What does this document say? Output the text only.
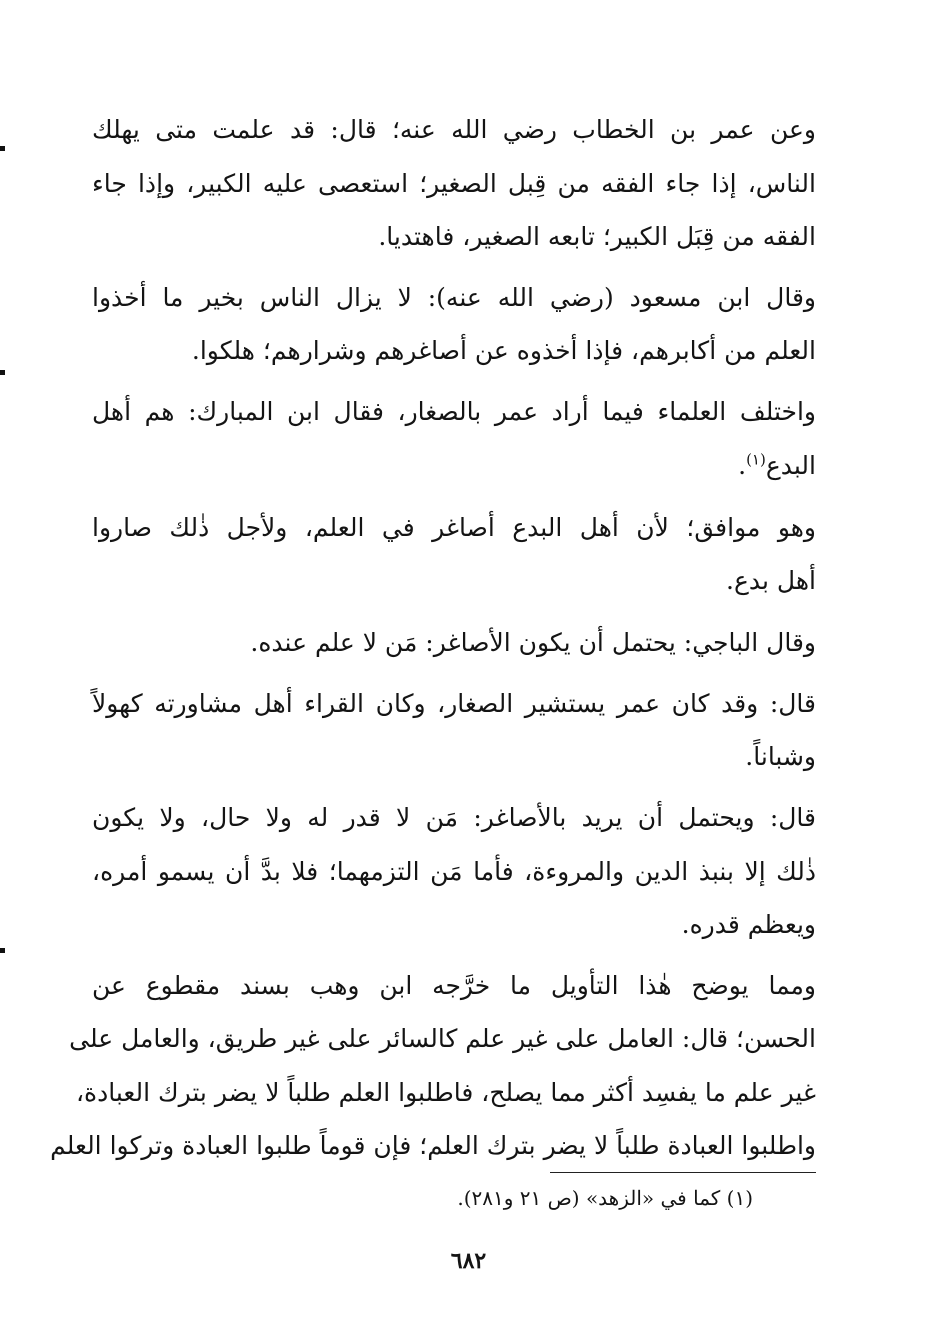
وعن عمر بن الخطاب رضي الله عنه؛ قال: قد علمت متى يهلك
الناس، إذا جاء الفقه من قِبل الصغير؛ استعصى عليه الكبير، وإذا جاء
الفقه من قِبَل الكبير؛ تابعه الصغير، فاهتديا.
وقال ابن مسعود (رضي الله عنه): لا يزال الناس بخير ما أخذوا
العلم من أكابرهم، فإذا أخذوه عن أصاغرهم وشرارهم؛ هلكوا.
واختلف العلماء فيما أراد عمر بالصغار، فقال ابن المبارك: هم أهل
البدع$^{(١)}$.
وهو موافق؛ لأن أهل البدع أصاغر في العلم، ولأجل ذٰلك صاروا
أهل بدع.
وقال الباجي: يحتمل أن يكون الأصاغر: مَن لا علم عنده.
قال: وقد كان عمر يستشير الصغار، وكان القراء أهل مشاورته كهولاً
وشباناً.
قال: ويحتمل أن يريد بالأصاغر: مَن لا قدر له ولا حال، ولا يكون
ذٰلك إلا بنبذ الدين والمروءة، فأما مَن التزمهما؛ فلا بدَّ أن يسمو أمره،
ويعظم قدره.
ومما يوضح هٰذا التأويل ما خرَّجه ابن وهب بسند مقطوع عن
الحسن؛ قال: العامل على غير علم كالسائر على غير طريق، والعامل على
غير علم ما يفسِد أكثر مما يصلح، فاطلبوا العلم طلباً لا يضر بترك العبادة،
واطلبوا العبادة طلباً لا يضر بترك العلم؛ فإن قوماً طلبوا العبادة وتركوا العلم
(١) كما في «الزهد» (ص ٢١ و٢٨١).
٦٨٢
